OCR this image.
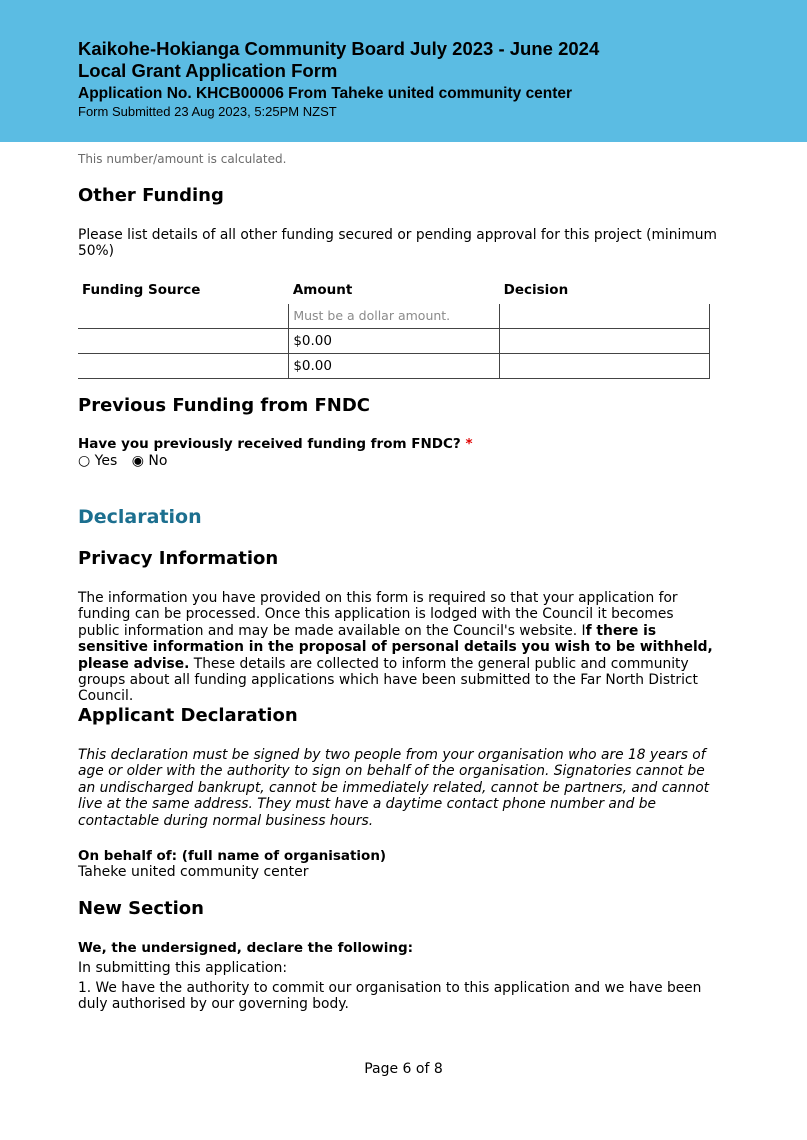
Kaikohe-Hokianga Community Board July 2023 - June 2024
Local Grant Application Form
Application No. KHCB00006 From Taheke united community center
Form Submitted 23 Aug 2023, 5:25PM NZST
This number/amount is calculated.
Other Funding
Please list details of all other funding secured or pending approval for this project (minimum 50%)
Funding Source	Amount	Decision
	Must be a dollar amount.	
	$0.00	
	$0.00	
Previous Funding from FNDC
Have you previously received funding from FNDC? *
○ Yes ◉ No
Declaration
Privacy Information
The information you have provided on this form is required so that your application for funding can be processed. Once this application is lodged with the Council it becomes public information and may be made available on the Council's website. If there is sensitive information in the proposal of personal details you wish to be withheld, please advise. These details are collected to inform the general public and community groups about all funding applications which have been submitted to the Far North District Council.
Applicant Declaration
This declaration must be signed by two people from your organisation who are 18 years of age or older with the authority to sign on behalf of the organisation. Signatories cannot be an undischarged bankrupt, cannot be immediately related, cannot be partners, and cannot live at the same address. They must have a daytime contact phone number and be contactable during normal business hours.
On behalf of: (full name of organisation)
Taheke united community center
New Section
We, the undersigned, declare the following:
In submitting this application:
1. We have the authority to commit our organisation to this application and we have been duly authorised by our governing body.
Page 6 of 8
